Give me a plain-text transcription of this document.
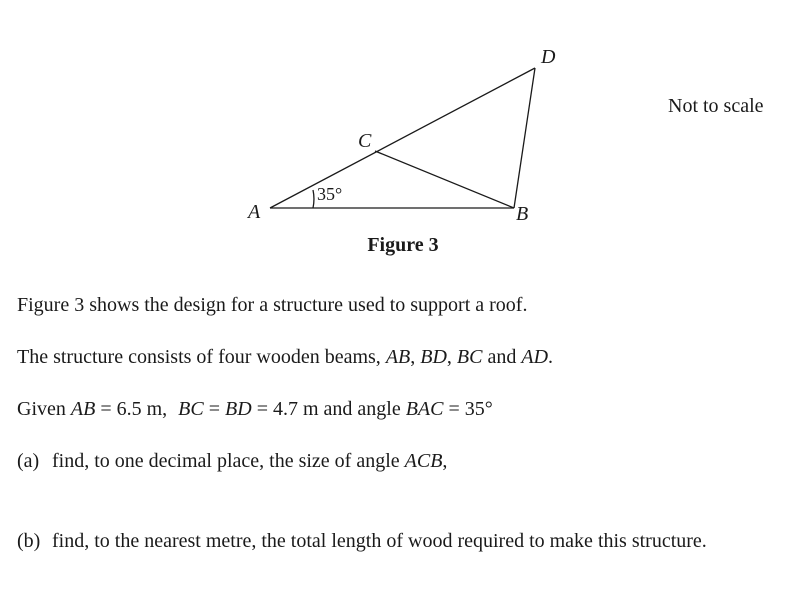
35°
A	B
C
D
Not to scale
Figure 3
Figure 3 shows the design for a structure used to support a roof.
The structure consists of four wooden beams, AB, BD, BC and AD.
Given AB = 6.5 m, BC = BD = 4.7 m and angle BAC = 35°
(a) find, to one decimal place, the size of angle ACB,
(b) find, to the nearest metre, the total length of wood required to make this structure.
